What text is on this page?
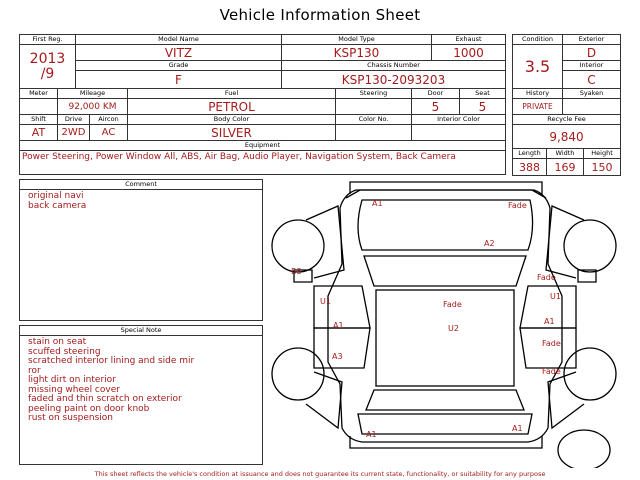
Vehicle Information Sheet
First Reg.	Model Name	Model Type	Exhaust

2013
/9	VITZ	KSP130	1000
	Grade	Chassis Number	
	F	KSP130-2093203	
Condition	Exterior
3.5	D
	Interior
	C
Meter	Mileage	Fuel	Steering	Door	Seat
	92,000 KM	PETROL		5	5
History	Syaken
PRIVATE	
Shift	Drive	Aircon	Body Color	Color No.	Interior Color
AT	2WD	AC	SILVER		
Equipment					

Power Steering, Power Window All, ABS, Air Bag, Audio Player, Navigation System, Back Camera					
Recycle Fee		
9,840		
Length	Width	Height
388	169	150
Comment
original navi
back camera
Special Note
stain on seat
scuffed steering
scratched interior lining and side mir
ror
light dirt on interior
missing wheel cover
faded and thin scratch on exterior
peeling paint on door knob
rust on suspension
A1	Fade
A2
B3
Fade
U1
U1
Fade
A1	U2
A1
Fade
A3
Fade
A1
A1
This sheet reflects the vehicle's condition at issuance and does not guarantee its current state, functionality, or suitability for any purpose
